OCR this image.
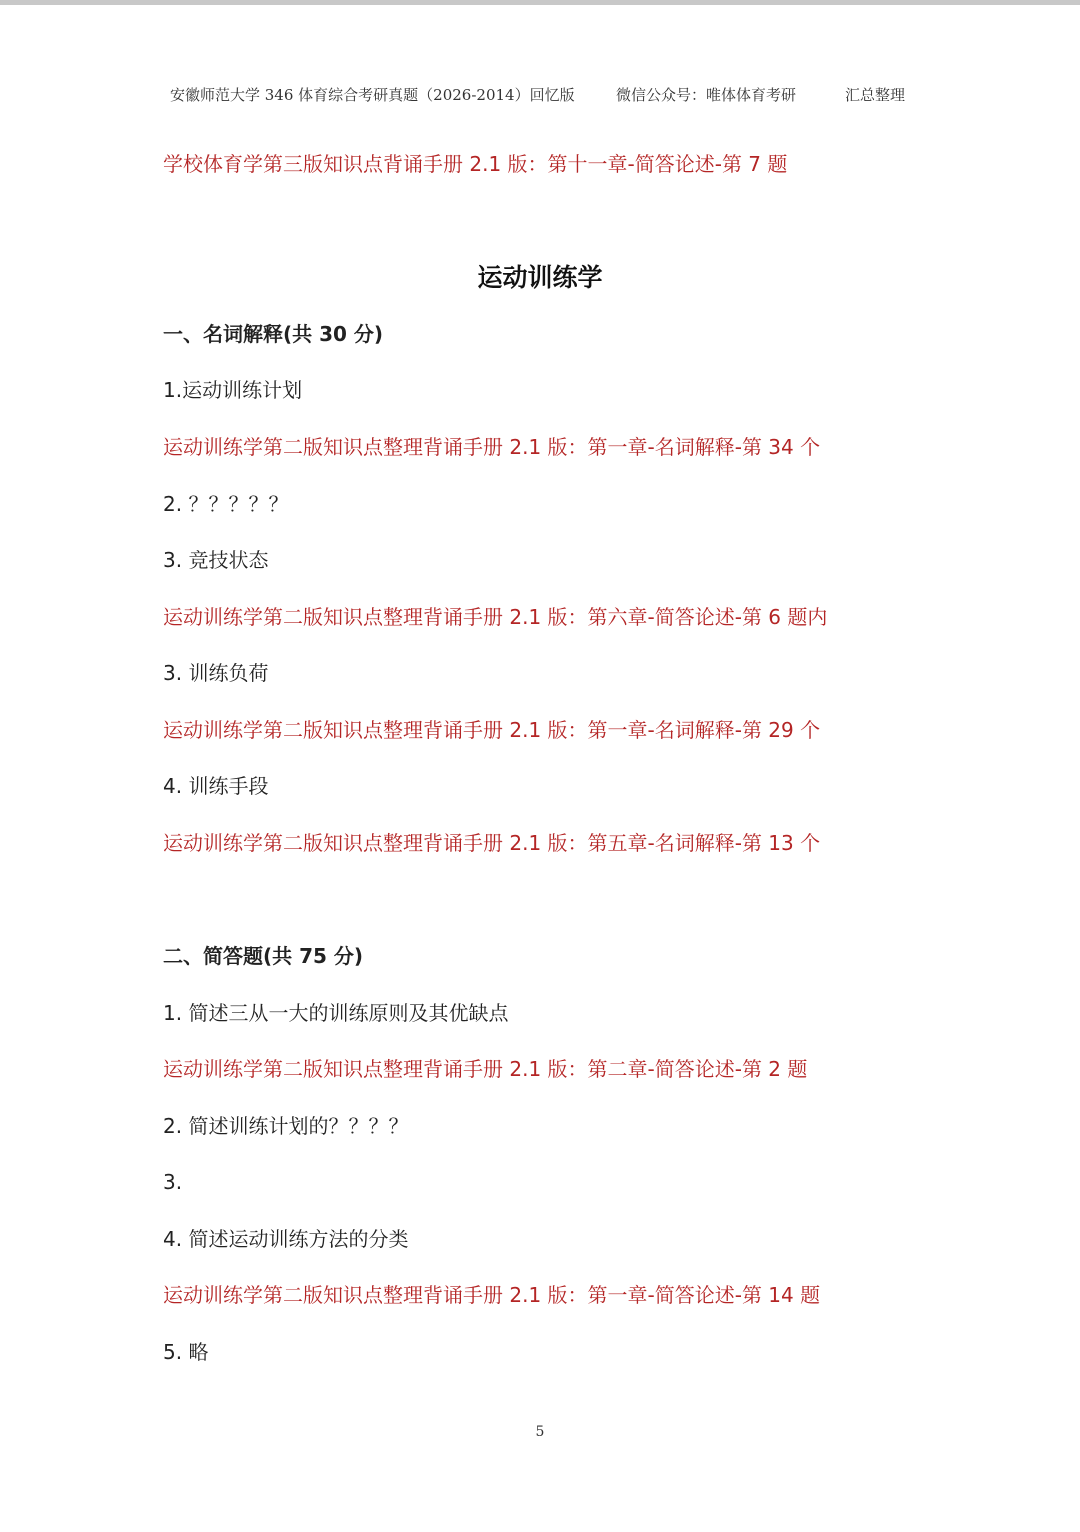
安徽师范大学 346 体育综合考研真题（2026-2014）回忆版	微信公众号：唯体体育考研	汇总整理
学校体育学第三版知识点背诵手册 2.1 版：第十一章-简答论述-第 7 题
运动训练学
一、名词解释(共 30 分)
1.运动训练计划
运动训练学第二版知识点整理背诵手册 2.1 版：第一章-名词解释-第 34 个
2. ？？？？？
3. 竞技状态
运动训练学第二版知识点整理背诵手册 2.1 版：第六章-简答论述-第 6 题内
3. 训练负荷
运动训练学第二版知识点整理背诵手册 2.1 版：第一章-名词解释-第 29 个
4. 训练手段
运动训练学第二版知识点整理背诵手册 2.1 版：第五章-名词解释-第 13 个
二、简答题(共 75 分)
1. 简述三从一大的训练原则及其优缺点
运动训练学第二版知识点整理背诵手册 2.1 版：第二章-简答论述-第 2 题
2. 简述训练计划的？？？？
3.
4. 简述运动训练方法的分类
运动训练学第二版知识点整理背诵手册 2.1 版：第一章-简答论述-第 14 题
5. 略
5
